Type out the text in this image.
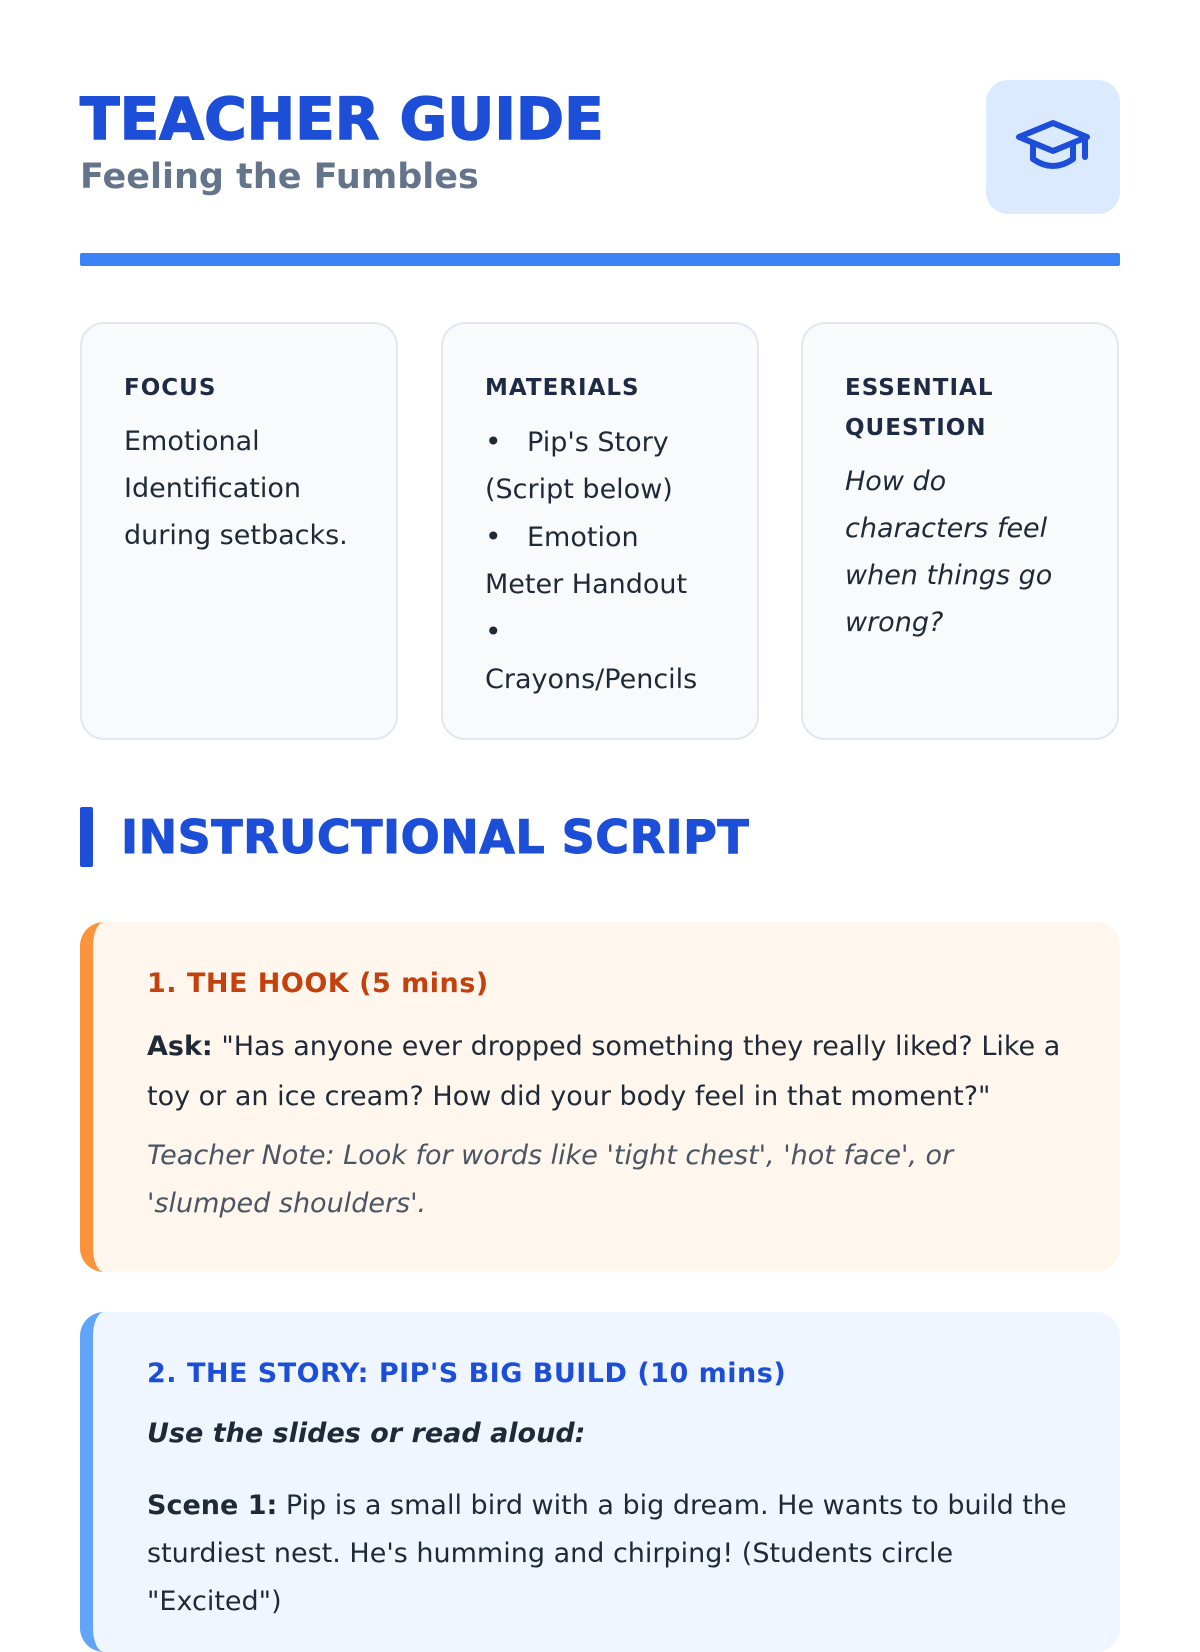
TEACHER GUIDE

Feeling the Fumbles

FOCUS

Emotional Identification during setbacks.

MATERIALS
• Pip's Story (Script below)
• Emotion Meter Handout
• Crayons/Pencils
ESSENTIAL QUESTION

How do characters feel when things go wrong?

INSTRUCTIONAL SCRIPT
1. THE HOOK (5 mins)

Ask: "Has anyone ever dropped something they really liked? Like a toy or an ice cream? How did your body feel in that moment?"

Teacher Note: Look for words like 'tight chest', 'hot face', or 'slumped shoulders'.

2. THE STORY: PIP'S BIG BUILD (10 mins)

Use the slides or read aloud:

Scene 1: Pip is a small bird with a big dream. He wants to build the sturdiest nest. He's humming and chirping! (Students circle "Excited")
